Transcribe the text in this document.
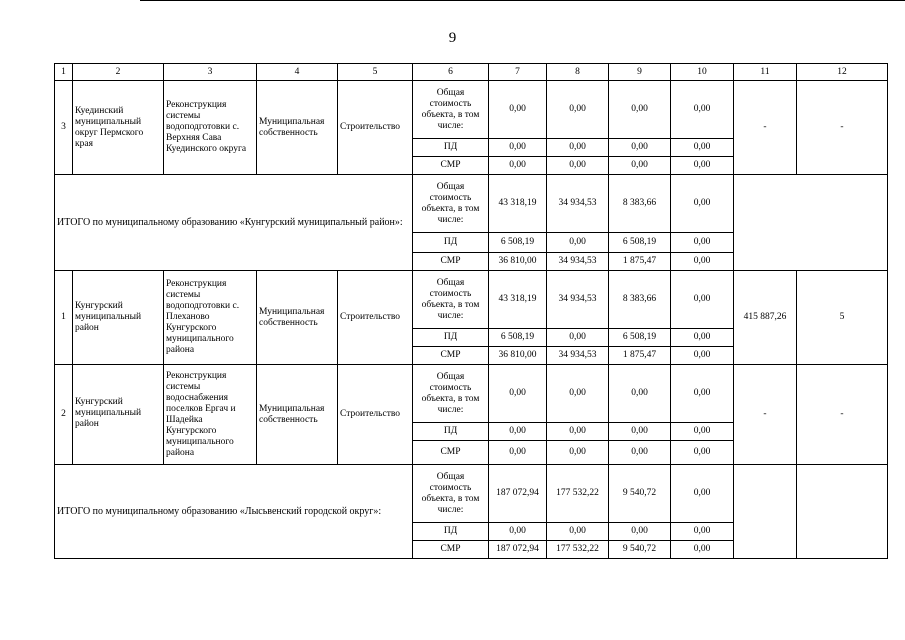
9
1	2	3	4	5	6	7	8	9	10	11	12
3	Куединский муниципальный округ Пермского края	Реконструкция системы водоподготовки с. Верхняя Сава Куединского округа	Муниципальная собственность	Строительство	Общая стоимость объекта, в том числе:	0,00	0,00	0,00	0,00	-	-
					ПД	0,00	0,00	0,00	0,00		
					СМР	0,00	0,00	0,00	0,00		
ИТОГО по муниципальному образованию «Кунгурский муниципальный район»:					Общая стоимость объекта, в том числе:	43 318,19	34 934,53	8 383,66	0,00		
					ПД	6 508,19	0,00	6 508,19	0,00		
					СМР	36 810,00	34 934,53	1 875,47	0,00		
1	Кунгурский муниципальный район	Реконструкция системы водоподготовки с. Плеханово Кунгурского муниципального района	Муниципальная собственность	Строительство	Общая стоимость объекта, в том числе:	43 318,19	34 934,53	8 383,66	0,00	415 887,26	5
					ПД	6 508,19	0,00	6 508,19	0,00		
					СМР	36 810,00	34 934,53	1 875,47	0,00		
2	Кунгурский муниципальный район	Реконструкция системы водоснабжения поселков Ергач и Шадейка Кунгурского муниципального района	Муниципальная собственность	Строительство	Общая стоимость объекта, в том числе:	0,00	0,00	0,00	0,00	-	-
					ПД	0,00	0,00	0,00	0,00		
					СМР	0,00	0,00	0,00	0,00		
ИТОГО по муниципальному образованию «Лысьвенский городской округ»:					Общая стоимость объекта, в том числе:	187 072,94	177 532,22	9 540,72	0,00		
					ПД	0,00	0,00	0,00	0,00		
					СМР	187 072,94	177 532,22	9 540,72	0,00		
